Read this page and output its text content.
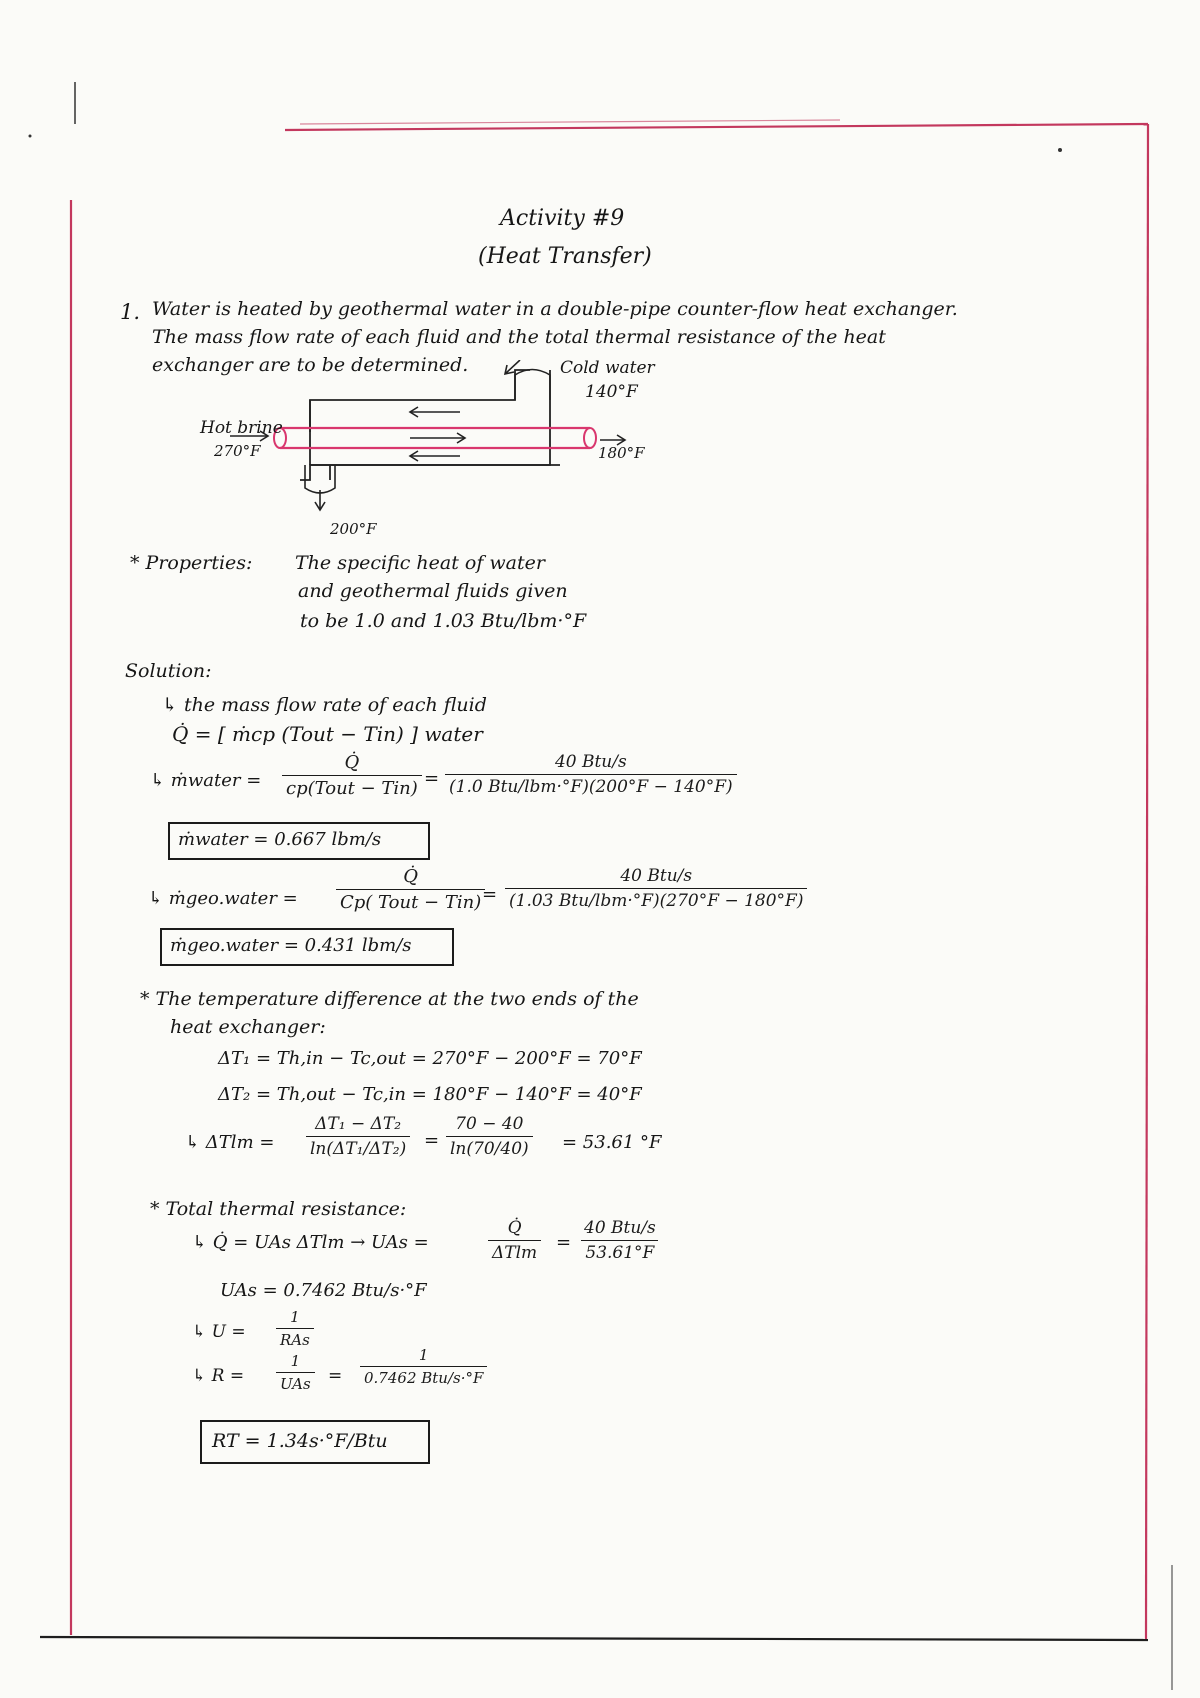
Activity #9
(Heat Transfer)
1. Water is heated by geothermal water in a double-pipe counter-flow heat exchanger.
The mass flow rate of each fluid and the total thermal resistance of the heat
exchanger are to be determined.	Cold water
140°F
Hot brine
270°F	180°F
200°F
* Properties: The specific heat of water
and geothermal fluids given
to be 1.0 and 1.03 Btu/lbm·°F
Solution:
↳ the mass flow rate of each fluid
Q̇ = [ ṁcp (Tout − Tin) ] water
↳ ṁwater =
Q̇
cp(Tout − Tin) =
40 Btu/s
(1.0 Btu/lbm·°F)(200°F − 140°F)
ṁwater = 0.667 lbm/s
↳ ṁgeo.water =
Q̇
Cp( Tout − Tin) =
40 Btu/s
(1.03 Btu/lbm·°F)(270°F − 180°F)
ṁgeo.water = 0.431 lbm/s
* The temperature difference at the two ends of the
heat exchanger:
ΔT₁ = Th,in − Tc,out = 270°F − 200°F = 70°F
ΔT₂ = Th,out − Tc,in = 180°F − 140°F = 40°F
↳ $\Delta Tlm = \frac{\text{ΔT₁ − ΔT₂}}{\text{ln(ΔT₁/ΔT₂)}} = \frac{70 - 40}{\ln(70/40)} = 53.61$ °F
* Total thermal resistance:
↳ Q̇ = UAs ΔTlm → UAs =
Q̇
ΔTlm =
40 Btu/s
53.61°F
UAs = 0.7462 Btu/s·°F
↳ U =
1
RAs
↳ R =
1
UAs =
1
0.7462 Btu/s·°F
RT = 1.34s·°F/Btu
